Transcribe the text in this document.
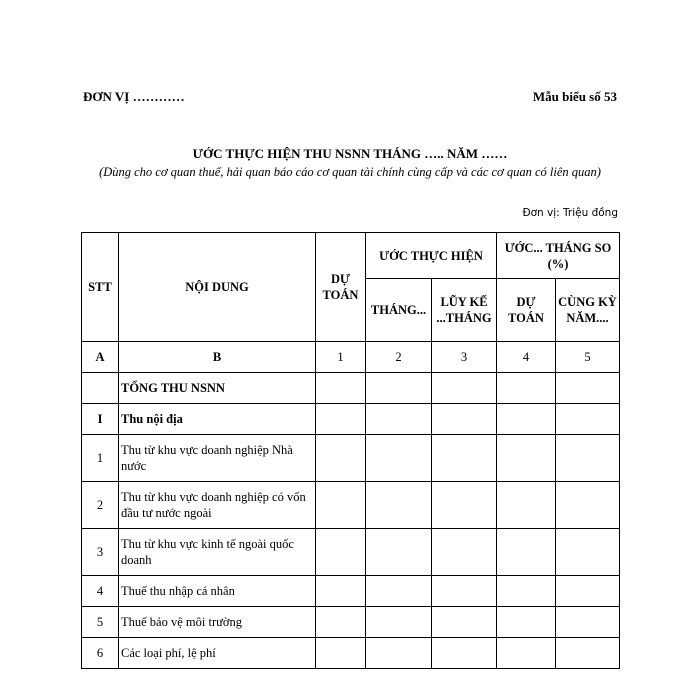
ĐƠN VỊ …………	Mẫu biểu số 53
ƯỚC THỰC HIỆN THU NSNN THÁNG ….. NĂM ……
(Dùng cho cơ quan thuế, hải quan báo cáo cơ quan tài chính cùng cấp và các cơ quan có liên quan)
Đơn vị: Triệu đồng
STT	NỘI DUNG	DỰ TOÁN	ƯỚC THỰC HIỆN		ƯỚC... THÁNG SO (%)	
			THÁNG...	LŨY KẾ ...THÁNG	DỰ TOÁN	CÙNG KỲ NĂM....
A	B	1	2	3	4	5
	TỔNG THU NSNN					
I	Thu nội địa					
1	Thu từ khu vực doanh nghiệp Nhà nước					
2	Thu từ khu vực doanh nghiệp có vốn đầu tư nước ngoài					
3	Thu từ khu vực kinh tế ngoài quốc doanh					
4	Thuế thu nhập cá nhân					
5	Thuế bảo vệ môi trường					
6	Các loại phí, lệ phí					
